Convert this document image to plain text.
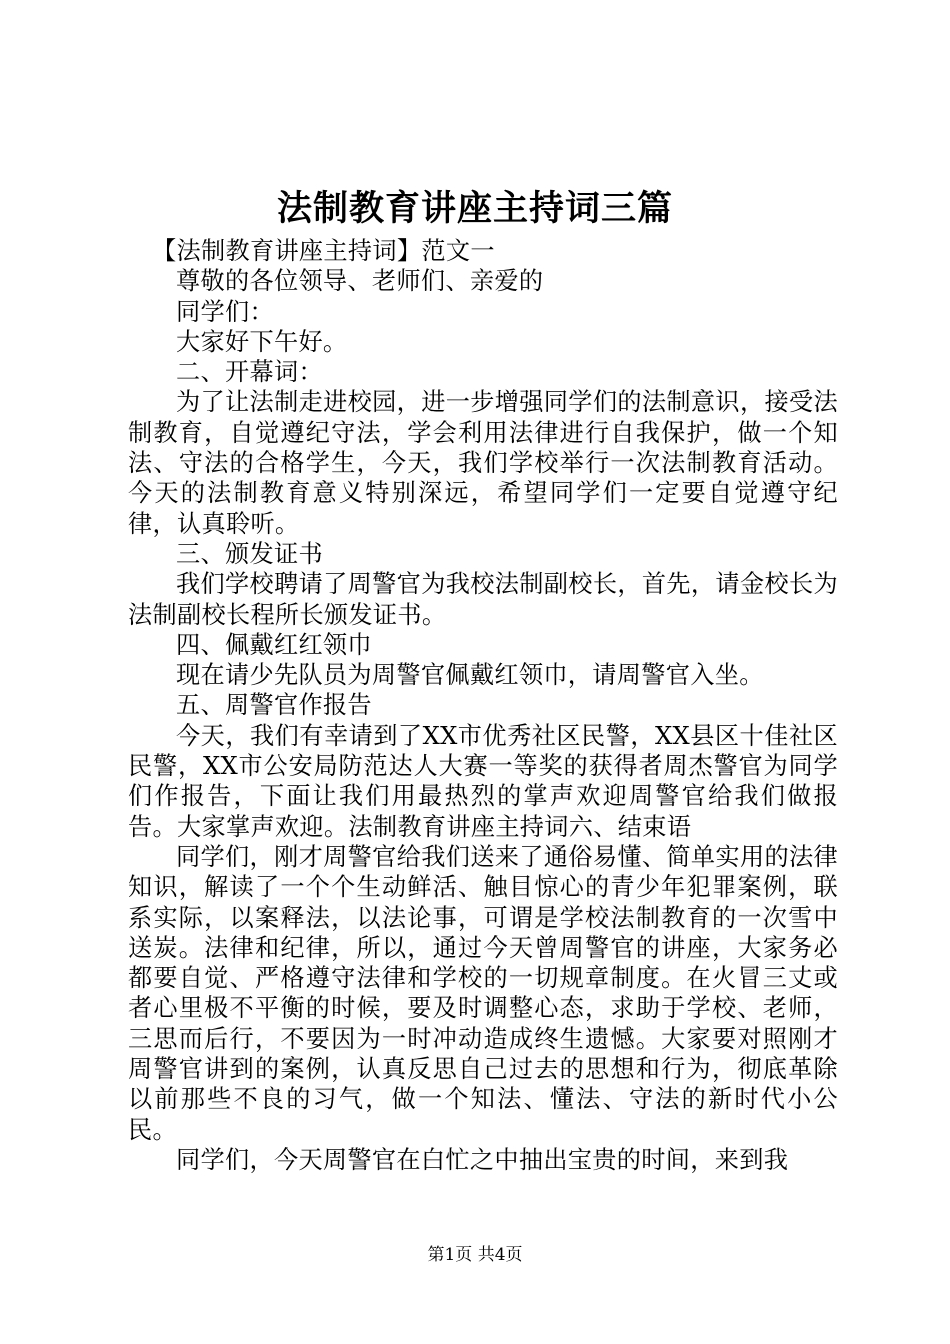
法制教育讲座主持词三篇

【法制教育讲座主持词】范文一

尊敬的各位领导、老师们、亲爱的

同学们：

大家好下午好。

二、开幕词：

为了让法制走进校园，进一步增强同学们的法制意识，接受法制教育，自觉遵纪守法，学会利用法律进行自我保护，做一个知法、守法的合格学生，今天，我们学校举行一次法制教育活动。今天的法制教育意义特别深远，希望同学们一定要自觉遵守纪律，认真聆听。

三、颁发证书

我们学校聘请了周警官为我校法制副校长，首先，请金校长为法制副校长程所长颁发证书。

四、佩戴红红领巾

现在请少先队员为周警官佩戴红领巾，请周警官入坐。

五、周警官作报告

今天，我们有幸请到了XX市优秀社区民警，XX县区十佳社区民警，XX市公安局防范达人大赛一等奖的获得者周杰警官为同学们作报告，下面让我们用最热烈的掌声欢迎周警官给我们做报告。大家掌声欢迎。法制教育讲座主持词六、结束语

同学们，刚才周警官给我们送来了通俗易懂、简单实用的法律知识，解读了一个个生动鲜活、触目惊心的青少年犯罪案例，联系实际，以案释法，以法论事，可谓是学校法制教育的一次雪中送炭。法律和纪律，所以，通过今天曾周警官的讲座，大家务必都要自觉、严格遵守法律和学校的一切规章制度。在火冒三丈或者心里极不平衡的时候，要及时调整心态，求助于学校、老师，三思而后行，不要因为一时冲动造成终生遗憾。大家要对照刚才周警官讲到的案例，认真反思自己过去的思想和行为，彻底革除以前那些不良的习气，做一个知法、懂法、守法的新时代小公民。

同学们，今天周警官在白忙之中抽出宝贵的时间，来到我

第1页 共4页
